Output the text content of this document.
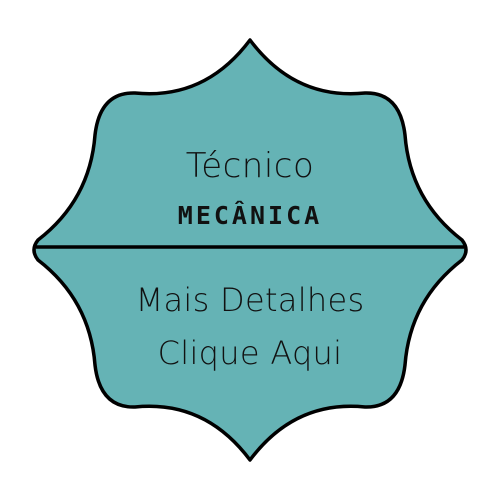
Técnico
MECÂNICA
Mais Detalhes
Clique Aqui
